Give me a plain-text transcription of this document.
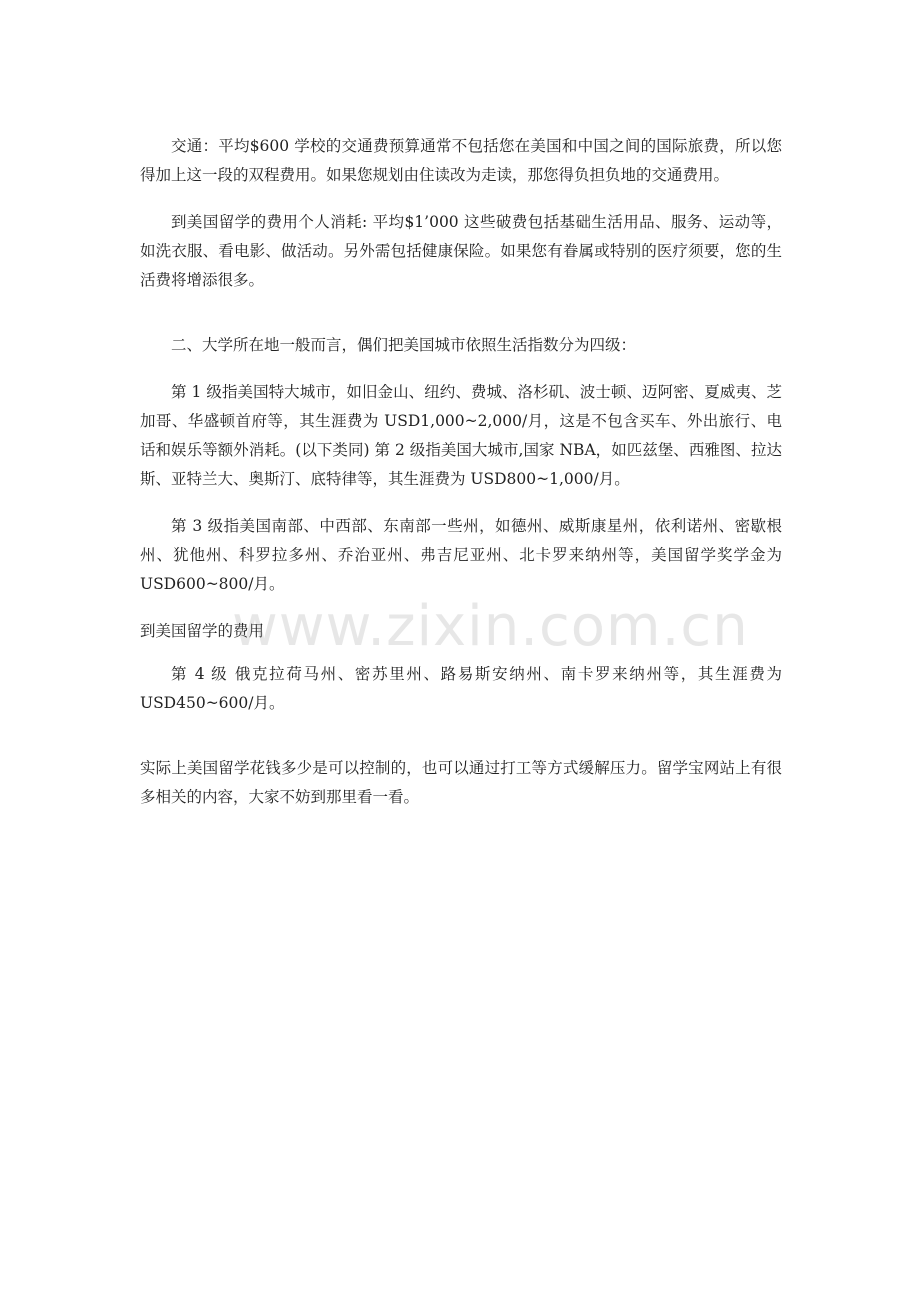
交通：平均$600 学校的交通费预算通常不包括您在美国和中国之间的国际旅费，所以您得加上这一段的双程费用。如果您规划由住读改为走读，那您得负担负地的交通费用。

到美国留学的费用个人消耗: 平均$1’000 这些破费包括基础生活用品、服务、运动等，如洗衣服、看电影、做活动。另外需包括健康保险。如果您有眷属或特别的医疗须要，您的生活费将增添很多。

二、大学所在地一般而言，偶们把美国城市依照生活指数分为四级：

第 1 级指美国特大城市，如旧金山、纽约、费城、洛杉矶、波士顿、迈阿密、夏威夷、芝加哥、华盛顿首府等，其生涯费为 USD1,000~2,000/月，这是不包含买车、外出旅行、电话和娱乐等额外消耗。(以下类同) 第 2 级指美国大城市,国家 NBA，如匹兹堡、西雅图、拉达斯、亚特兰大、奥斯汀、底特律等，其生涯费为 USD800~1,000/月。

第 3 级指美国南部、中西部、东南部一些州，如德州、威斯康星州，依利诺州、密歇根州、犹他州、科罗拉多州、乔治亚州、弗吉尼亚州、北卡罗来纳州等，美国留学奖学金为 USD600~800/月。

到美国留学的费用

第 4 级 俄克拉荷马州、密苏里州、路易斯安纳州、南卡罗来纳州等，其生涯费为 USD450~600/月。

实际上美国留学花钱多少是可以控制的，也可以通过打工等方式缓解压力。留学宝网站上有很多相关的内容，大家不妨到那里看一看。

www.zixin.com.cn
